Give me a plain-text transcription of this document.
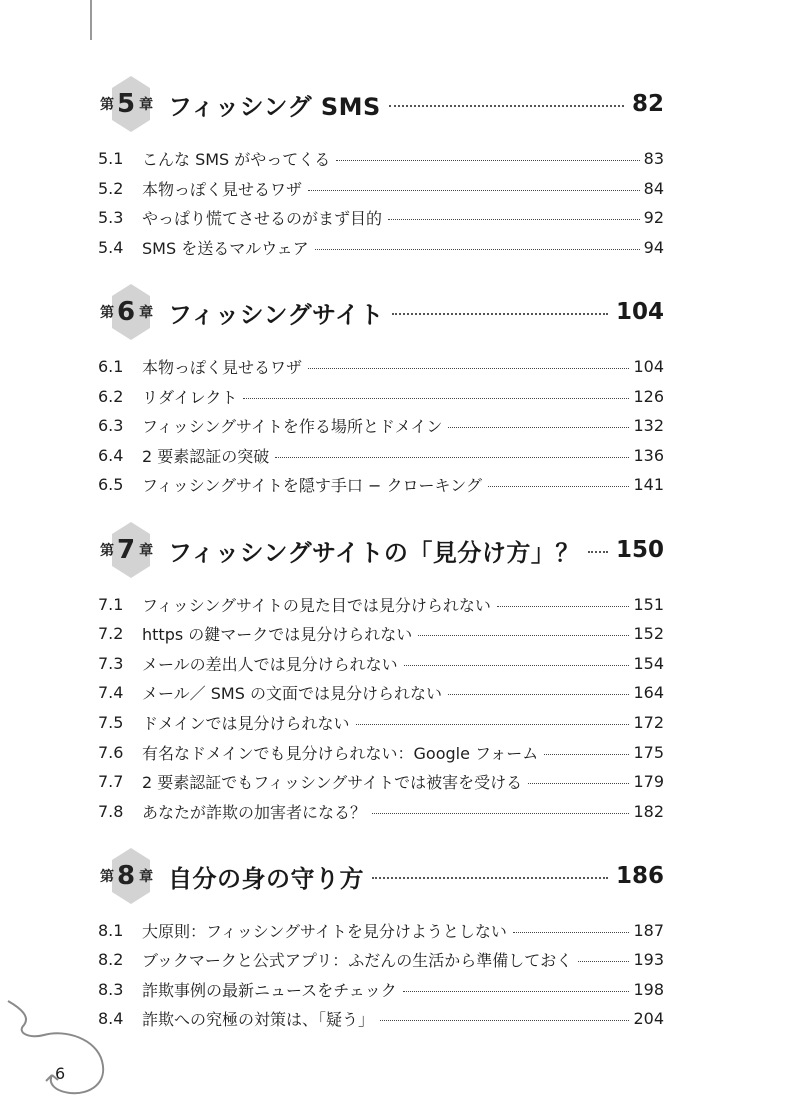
第 5 章 フィッシング SMS	82
5.1	こんな SMS がやってくる	83
5.2	本物っぽく見せるワザ	84
5.3	やっぱり慌てさせるのがまず目的	92
5.4	SMS を送るマルウェア	94
第 6 章 フィッシングサイト	104
6.1	本物っぽく見せるワザ	104
6.2	リダイレクト	126
6.3	フィッシングサイトを作る場所とドメイン	132
6.4	2 要素認証の突破	136
6.5	フィッシングサイトを隠す手口 − クローキング	141
第 7 章 フィッシングサイトの「見分け方」？ 150
7.1	フィッシングサイトの見た目では見分けられない	151
7.2	https の鍵マークでは見分けられない	152
7.3	メールの差出人では見分けられない	154
7.4	メール／ SMS の文面では見分けられない	164
7.5	ドメインでは見分けられない	172
7.6	有名なドメインでも見分けられない：Google フォーム	175
7.7	2 要素認証でもフィッシングサイトでは被害を受ける	179
7.8	あなたが詐欺の加害者になる？	182
第 8 章 自分の身の守り方	186
8.1	大原則：フィッシングサイトを見分けようとしない	187
8.2	ブックマークと公式アプリ：ふだんの生活から準備しておく	193
8.3	詐欺事例の最新ニュースをチェック	198
8.4	詐欺への究極の対策は、「疑う」	204
6
